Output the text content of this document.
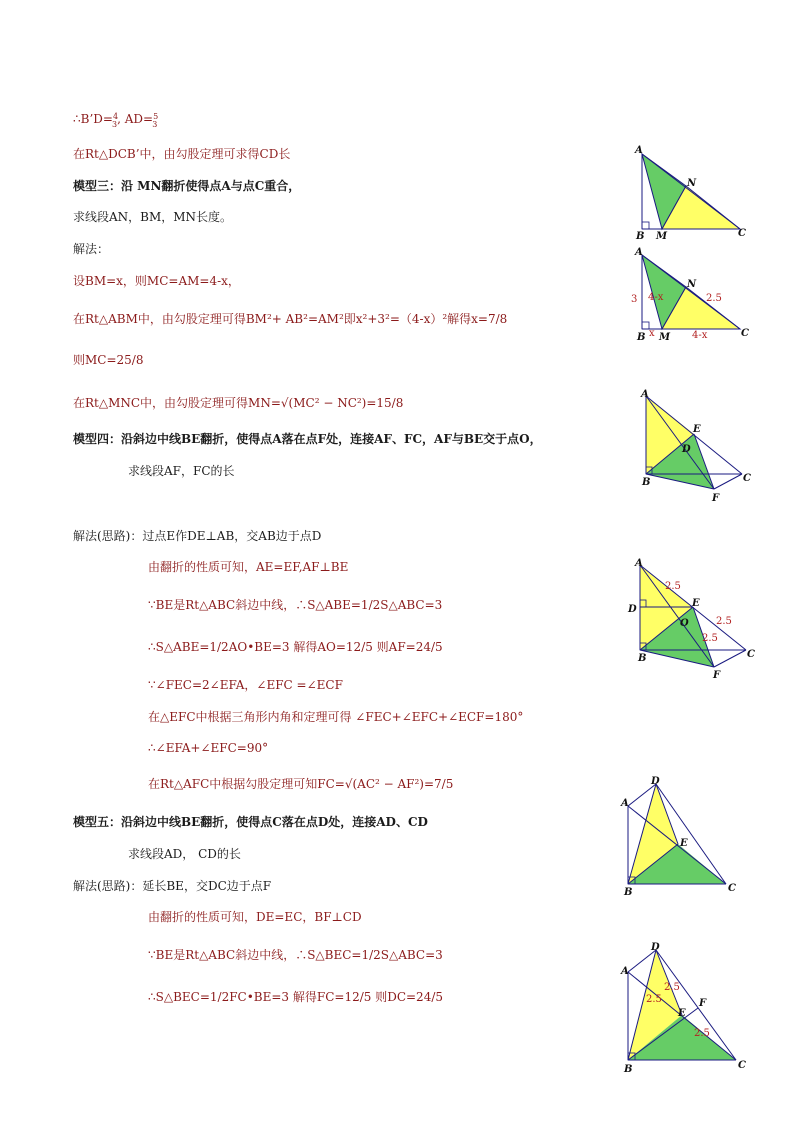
∴B’D=$^4_3$, AD=$^5_3$
在Rt△DCB’中，由勾股定理可求得CD长
模型三：沿 MN翻折使得点A与点C重合，
求线段AN，BM，MN长度。
解法：
设BM=x，则MC=AM=4-x，
在Rt△ABM中，由勾股定理可得BM²+ AB²=AM²即x²+3²=（4-x）²解得x=7/8
则MC=25/8
在Rt△MNC中，由勾股定理可得MN=√(MC² − NC²)=15/8
模型四：沿斜边中线BE翻折，使得点A落在点F处，连接AF、FC，AF与BE交于点O，
求线段AF，FC的长
解法(思路)：过点E作DE⊥AB，交AB边于点D
由翻折的性质可知，AE=EF,AF⊥BE
∵BE是Rt△ABC斜边中线，∴S△ABE=1/2S△ABC=3
∴S△ABE=1/2AO•BE=3 解得AO=12/5 则AF=24/5
∵∠FEC=2∠EFA，∠EFC =∠ECF
在△EFC中根据三角形内角和定理可得 ∠FEC+∠EFC+∠ECF=180°
∴∠EFA+∠EFC=90°
在Rt△AFC中根据勾股定理可知FC=√(AC² − AF²)=7/5
模型五：沿斜边中线BE翻折，使得点C落在点D处，连接AD、CD
求线段AD， CD的长
解法(思路)：延长BE，交DC边于点F
由翻折的性质可知，DE=EC，BF⊥CD
∵BE是Rt△ABC斜边中线，∴S△BEC=1/2S△ABC=3
∴S△BEC=1/2FC•BE=3 解得FC=12/5 则DC=24/5
A
B M
N
C
A
B M
N
C
3 4-x	2.5
x	4-x
A
E
D
B	C
F
A
D
E
O
B	C
F
2.5
2.5
2.5
D
A
E
B	C
D
A
F
E
B	C
2.5
2.5
2.5
